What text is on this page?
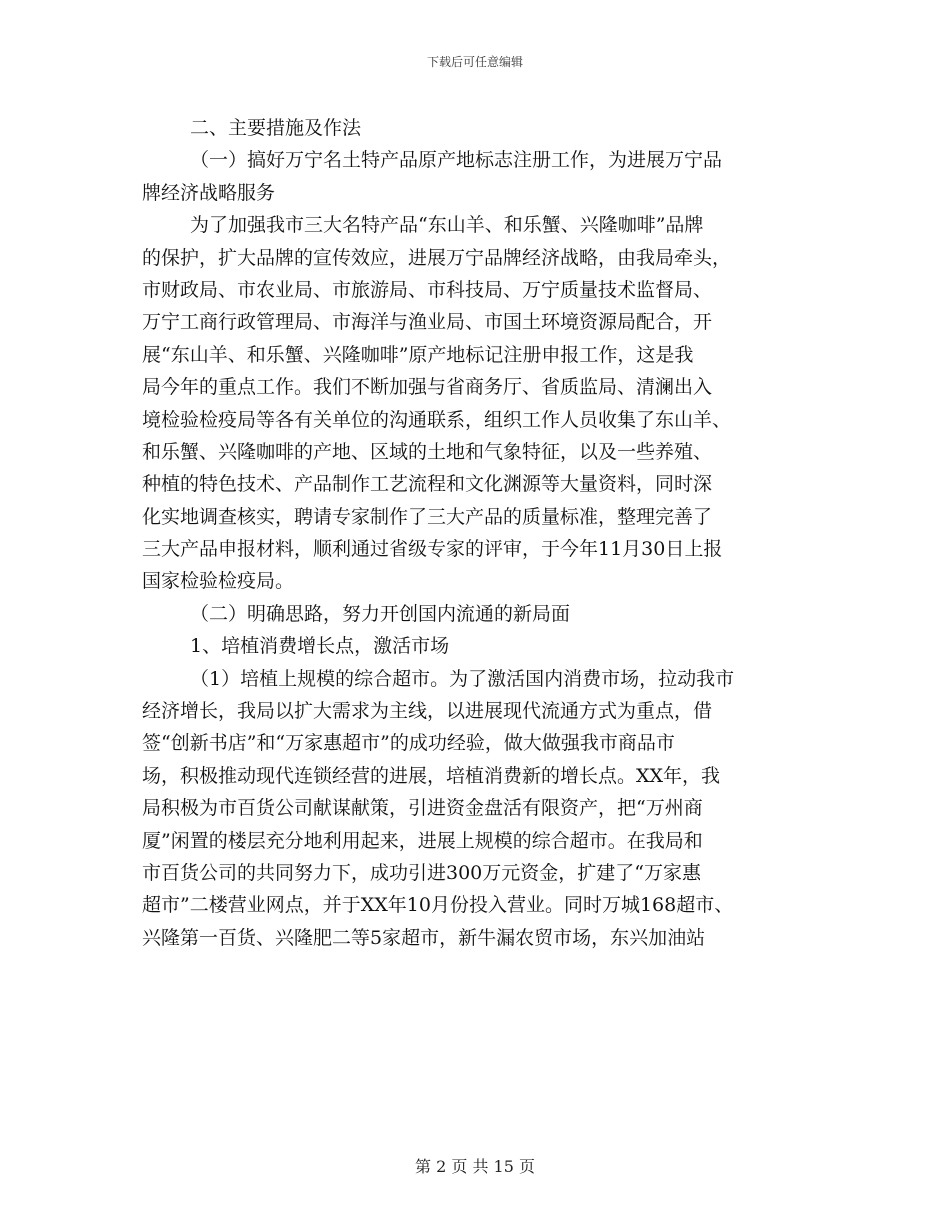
下载后可任意编辑
二、主要措施及作法
（一）搞好万宁名土特产品原产地标志注册工作，为进展万宁品
牌经济战略服务
为了加强我市三大名特产品“东山羊、和乐蟹、兴隆咖啡”品牌
的保护，扩大品牌的宣传效应，进展万宁品牌经济战略，由我局牵头，
市财政局、市农业局、市旅游局、市科技局、万宁质量技术监督局、
万宁工商行政管理局、市海洋与渔业局、市国土环境资源局配合，开
展“东山羊、和乐蟹、兴隆咖啡”原产地标记注册申报工作，这是我
局今年的重点工作。我们不断加强与省商务厅、省质监局、清澜出入
境检验检疫局等各有关单位的沟通联系，组织工作人员收集了东山羊、
和乐蟹、兴隆咖啡的产地、区域的土地和气象特征，以及一些养殖、
种植的特色技术、产品制作工艺流程和文化渊源等大量资料，同时深
化实地调查核实，聘请专家制作了三大产品的质量标准，整理完善了
三大产品申报材料，顺利通过省级专家的评审，于今年11月30日上报
国家检验检疫局。
（二）明确思路，努力开创国内流通的新局面
1、培植消费增长点，激活市场
（1）培植上规模的综合超市。为了激活国内消费市场，拉动我市
经济增长，我局以扩大需求为主线，以进展现代流通方式为重点，借
签“创新书店”和“万家惠超市”的成功经验，做大做强我市商品市
场，积极推动现代连锁经营的进展，培植消费新的增长点。XX年，我
局积极为市百货公司献谋献策，引进资金盘活有限资产，把“万州商
厦”闲置的楼层充分地利用起来，进展上规模的综合超市。在我局和
市百货公司的共同努力下，成功引进300万元资金，扩建了“万家惠
超市”二楼营业网点，并于XX年10月份投入营业。同时万城168超市、
兴隆第一百货、兴隆肥二等5家超市，新牛漏农贸市场，东兴加油站
第 2 页 共 15 页
